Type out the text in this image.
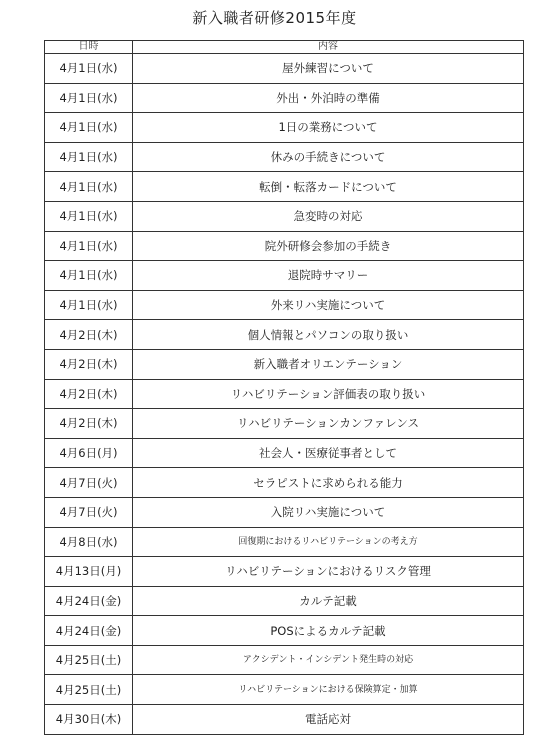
新入職者研修2015年度
日時	内容
4月1日(水)	屋外練習について
4月1日(水)	外出・外泊時の準備
4月1日(水)	1日の業務について
4月1日(水)	休みの手続きについて
4月1日(水)	転倒・転落カードについて
4月1日(水)	急変時の対応
4月1日(水)	院外研修会参加の手続き
4月1日(水)	退院時サマリー
4月1日(水)	外来リハ実施について
4月2日(木)	個人情報とパソコンの取り扱い
4月2日(木)	新入職者オリエンテーション
4月2日(木)	リハビリテーション評価表の取り扱い
4月2日(木)	リハビリテーションカンファレンス
4月6日(月)	社会人・医療従事者として
4月7日(火)	セラピストに求められる能力
4月7日(火)	入院リハ実施について
4月8日(水)	回復期におけるリハビリテーションの考え方
4月13日(月)	リハビリテーションにおけるリスク管理
4月24日(金)	カルテ記載
4月24日(金)	POSによるカルテ記載
4月25日(土)	アクシデント・インシデント発生時の対応
4月25日(土)	リハビリテーションにおける保険算定・加算
4月30日(木)	電話応対
